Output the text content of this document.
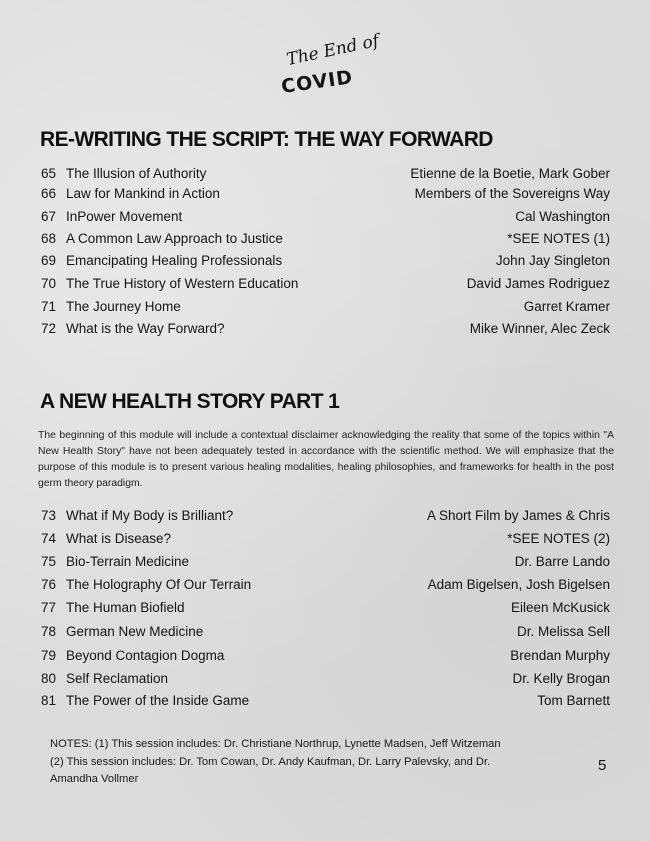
The End of
COVID
RE-WRITING THE SCRIPT: THE WAY FORWARD
65 The Illusion of Authority	Etienne de la Boetie, Mark Gober
66 Law for Mankind in Action	Members of the Sovereigns Way
67 InPower Movement	Cal Washington
68 A Common Law Approach to Justice	*SEE NOTES (1)
69 Emancipating Healing Professionals	John Jay Singleton
70 The True History of Western Education	David James Rodriguez
71 The Journey Home	Garret Kramer
72 What is the Way Forward?	Mike Winner, Alec Zeck
A NEW HEALTH STORY PART 1

The beginning of this module will include a contextual disclaimer acknowledging the reality that some of the topics within "A New Health Story" have not been adequately tested in accordance with the scientific method. We will emphasize that the purpose of this module is to present various healing modalities, healing philosophies, and frameworks for health in the post germ theory paradigm.

73 What if My Body is Brilliant?	A Short Film by James & Chris
74 What is Disease?	*SEE NOTES (2)
75 Bio-Terrain Medicine	Dr. Barre Lando
76 The Holography Of Our Terrain	Adam Bigelsen, Josh Bigelsen
77 The Human Biofield	Eileen McKusick
78 German New Medicine	Dr. Melissa Sell
79 Beyond Contagion Dogma	Brendan Murphy
80 Self Reclamation	Dr. Kelly Brogan
81 The Power of the Inside Game	Tom Barnett

NOTES: (1) This session includes: Dr. Christiane Northrup, Lynette Madsen, Jeff Witzeman

(2) This session includes: Dr. Tom Cowan, Dr. Andy Kaufman, Dr. Larry Palevsky, and Dr. Amandha Vollmer

5
